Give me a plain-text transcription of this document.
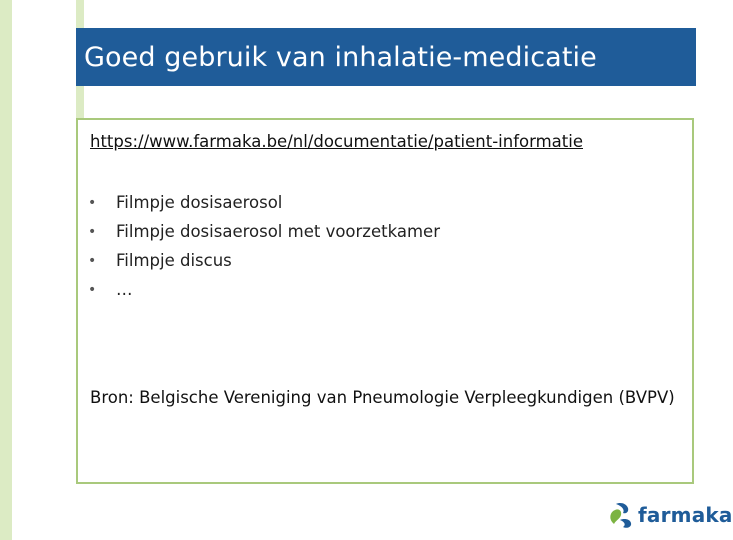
Goed gebruik van inhalatie-medicatie
https://www.farmaka.be/nl/documentatie/patient-informatie
•	Filmpje dosisaerosol
•	Filmpje dosisaerosol met voorzetkamer
•	Filmpje discus
•	…
Bron: Belgische Vereniging van Pneumologie Verpleegkundigen (BVPV)
farmaka
